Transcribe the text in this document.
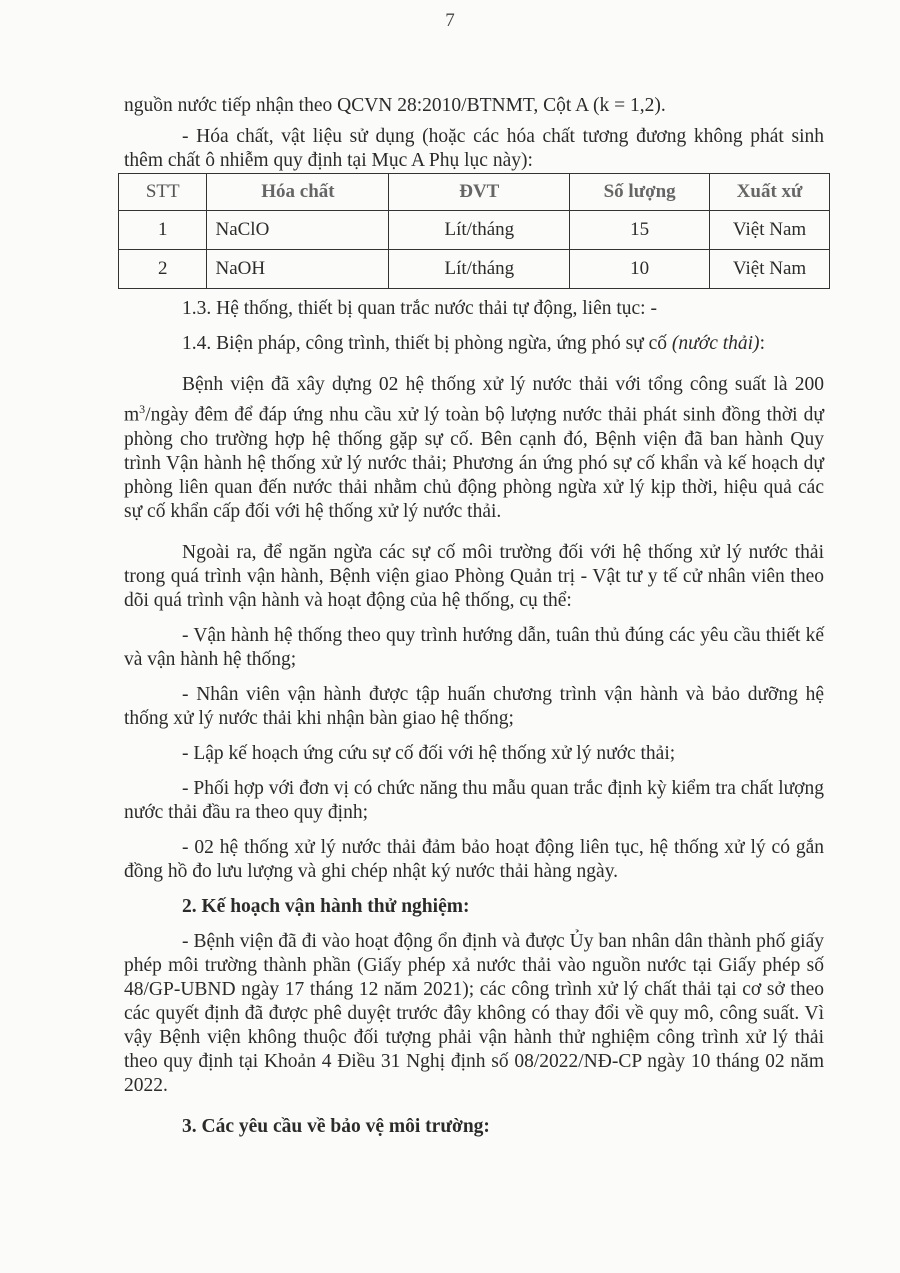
7

nguồn nước tiếp nhận theo QCVN 28:2010/BTNMT, Cột A (k = 1,2).

- Hóa chất, vật liệu sử dụng (hoặc các hóa chất tương đương không phát sinh thêm chất ô nhiễm quy định tại Mục A Phụ lục này):

STT	Hóa chất	ĐVT	Số lượng	Xuất xứ
1	NaClO	Lít/tháng	15	Việt Nam
2	NaOH	Lít/tháng	10	Việt Nam

1.3. Hệ thống, thiết bị quan trắc nước thải tự động, liên tục: -

1.4. Biện pháp, công trình, thiết bị phòng ngừa, ứng phó sự cố (nước thải):

Bệnh viện đã xây dựng 02 hệ thống xử lý nước thải với tổng công suất là 200 $m^3$/ngày đêm để đáp ứng nhu cầu xử lý toàn bộ lượng nước thải phát sinh đồng thời dự phòng cho trường hợp hệ thống gặp sự cố. Bên cạnh đó, Bệnh viện đã ban hành Quy trình Vận hành hệ thống xử lý nước thải; Phương án ứng phó sự cố khẩn và kế hoạch dự phòng liên quan đến nước thải nhằm chủ động phòng ngừa xử lý kịp thời, hiệu quả các sự cố khẩn cấp đối với hệ thống xử lý nước thải.

Ngoài ra, để ngăn ngừa các sự cố môi trường đối với hệ thống xử lý nước thải trong quá trình vận hành, Bệnh viện giao Phòng Quản trị - Vật tư y tế cử nhân viên theo dõi quá trình vận hành và hoạt động của hệ thống, cụ thể:

- Vận hành hệ thống theo quy trình hướng dẫn, tuân thủ đúng các yêu cầu thiết kế và vận hành hệ thống;

- Nhân viên vận hành được tập huấn chương trình vận hành và bảo dưỡng hệ thống xử lý nước thải khi nhận bàn giao hệ thống;

- Lập kế hoạch ứng cứu sự cố đối với hệ thống xử lý nước thải;

- Phối hợp với đơn vị có chức năng thu mẫu quan trắc định kỳ kiểm tra chất lượng nước thải đầu ra theo quy định;

- 02 hệ thống xử lý nước thải đảm bảo hoạt động liên tục, hệ thống xử lý có gắn đồng hồ đo lưu lượng và ghi chép nhật ký nước thải hàng ngày.

2. Kế hoạch vận hành thử nghiệm:

- Bệnh viện đã đi vào hoạt động ổn định và được Ủy ban nhân dân thành phố giấy phép môi trường thành phần (Giấy phép xả nước thải vào nguồn nước tại Giấy phép số 48/GP-UBND ngày 17 tháng 12 năm 2021); các công trình xử lý chất thải tại cơ sở theo các quyết định đã được phê duyệt trước đây không có thay đổi về quy mô, công suất. Vì vậy Bệnh viện không thuộc đối tượng phải vận hành thử nghiệm công trình xử lý thải theo quy định tại Khoản 4 Điều 31 Nghị định số 08/2022/NĐ-CP ngày 10 tháng 02 năm 2022.

3. Các yêu cầu về bảo vệ môi trường:
